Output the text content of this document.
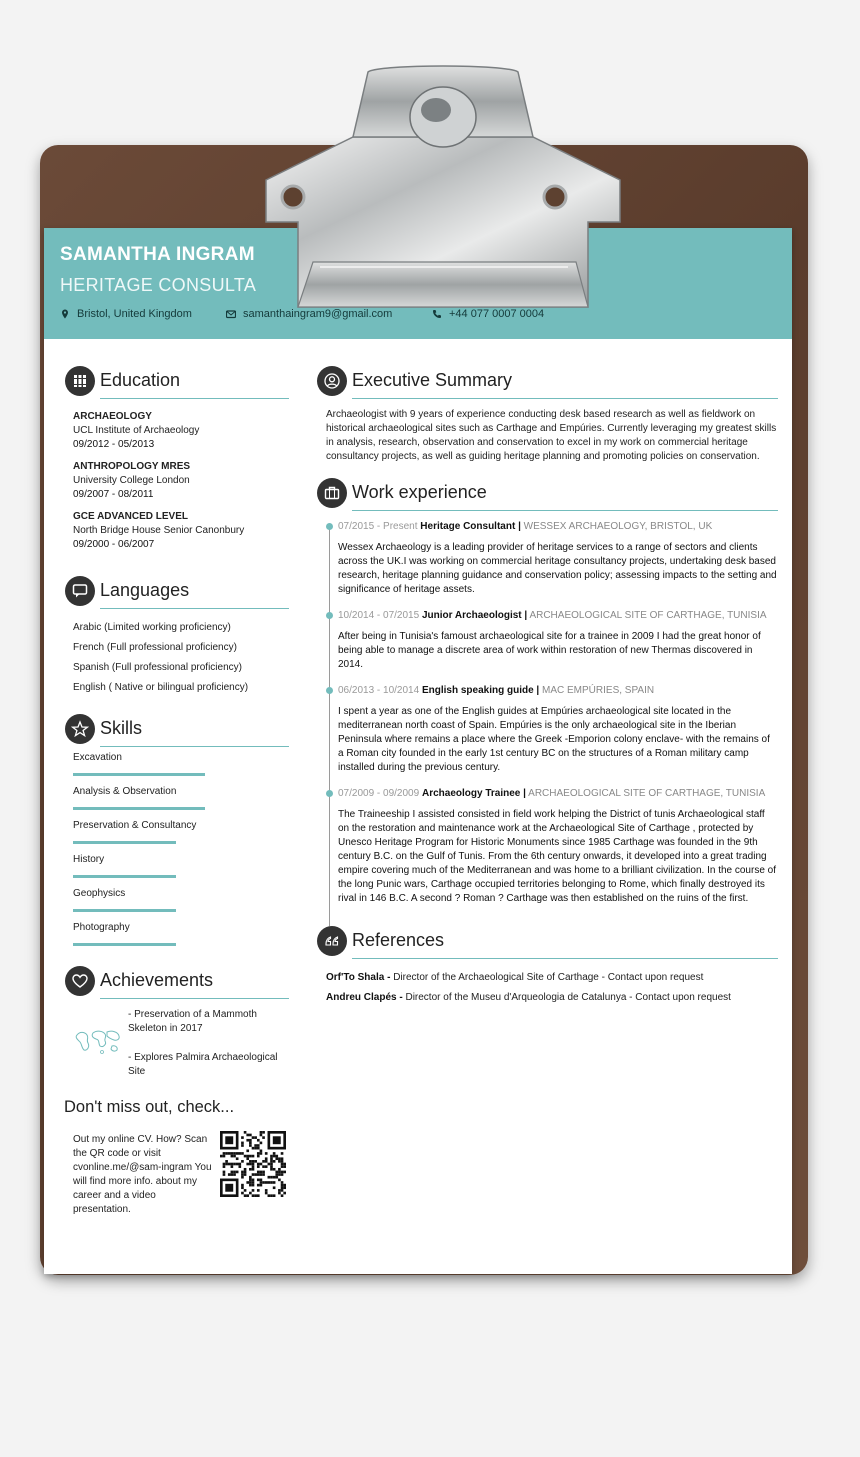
SAMANTHA INGRAM
HERITAGE CONSULTA
Bristol, United Kingdom	samanthaingram9@gmail.com	+44 077 0007 0004
Education
ARCHAEOLOGY
UCL Institute of Archaeology
09/2012 - 05/2013
ANTHROPOLOGY MRES
University College London
09/2007 - 08/2011
GCE ADVANCED LEVEL
North Bridge House Senior Canonbury
09/2000 - 06/2007
Languages
Arabic (Limited working proficiency)
French (Full professional proficiency)
Spanish (Full professional proficiency)
English ( Native or bilingual proficiency)
Skills
Excavation
Analysis & Observation
Preservation & Consultancy
History
Geophysics
Photography
Achievements
- Preservation of a Mammoth Skeleton in 2017
- Explores Palmira Archaeological Site
Don't miss out, check...
Out my online CV. How? Scan the QR code or visit cvonline.me/@sam-ingram You will find more info. about my career and a video presentation.
Executive Summary
Archaeologist with 9 years of experience conducting desk based research as well as fieldwork on historical archaeological sites such as Carthage and Empúries. Currently leveraging my greatest skills in analysis, research, observation and conservation to excel in my work on commercial heritage consultancy projects, as well as guiding heritage planning and promoting policies on conservation.
Work experience
07/2015 - Present Heritage Consultant | WESSEX ARCHAEOLOGY, BRISTOL, UK
Wessex Archaeology is a leading provider of heritage services to a range of sectors and clients across the UK.I was working on commercial heritage consultancy projects, undertaking desk based research, heritage planning guidance and conservation policy; assessing impacts to the setting and significance of heritage assets.
10/2014 - 07/2015 Junior Archaeologist | ARCHAEOLOGICAL SITE OF CARTHAGE, TUNISIA
After being in Tunisia's famoust archaeological site for a trainee in 2009 I had the great honor of being able to manage a discrete area of work within restoration of new Thermas discovered in 2014.
06/2013 - 10/2014 English speaking guide | MAC EMPÚRIES, SPAIN
I spent a year as one of the English guides at Empúries archaeological site located in the mediterranean north coast of Spain. Empúries is the only archaeological site in the Iberian Peninsula where remains a place where the Greek -Emporion colony enclave- with the remains of a Roman city founded in the early 1st century BC on the structures of a Roman military camp installed during the previous century.
07/2009 - 09/2009 Archaeology Trainee | ARCHAEOLOGICAL SITE OF CARTHAGE, TUNISIA
The Traineeship I assisted consisted in field work helping the District of tunis Archaeological staff on the restoration and maintenance work at the Archaeological Site of Carthage , protected by Unesco Heritage Program for Historic Monuments since 1985 Carthage was founded in the 9th century B.C. on the Gulf of Tunis. From the 6th century onwards, it developed into a great trading empire covering much of the Mediterranean and was home to a brilliant civilization. In the course of the long Punic wars, Carthage occupied territories belonging to Rome, which finally destroyed its rival in 146 B.C. A second ? Roman ? Carthage was then established on the ruins of the first.
References
Orf'To Shala - Director of the Archaeological Site of Carthage - Contact upon request
Andreu Clapés - Director of the Museu d'Arqueologia de Catalunya - Contact upon request
